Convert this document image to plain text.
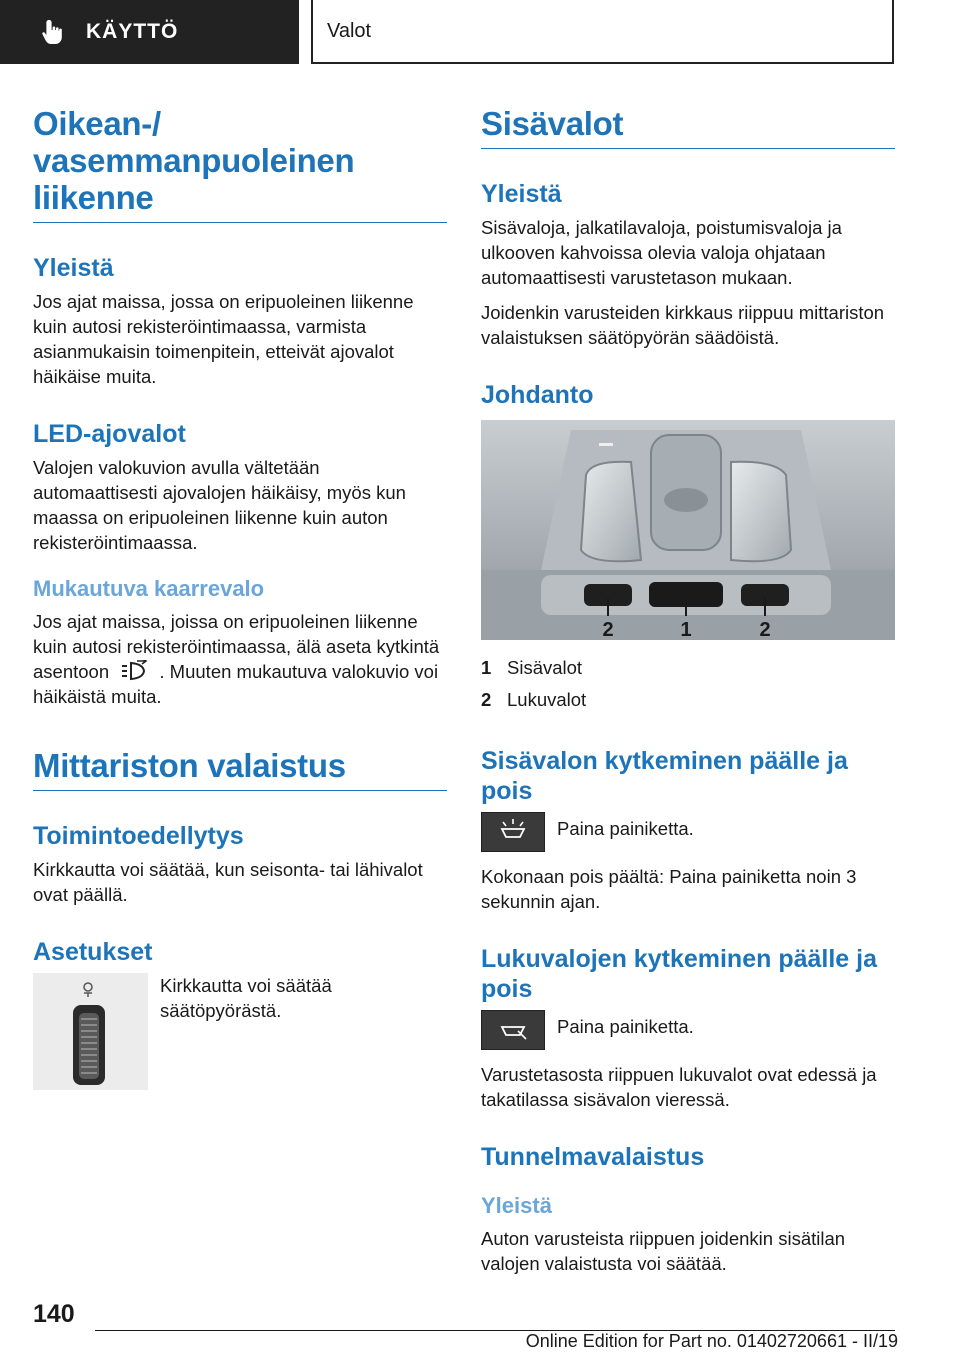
KÄYTTÖ	Valot
Oikean-/ vasemmanpuoleinen liikenne
Yleistä

Jos ajat maissa, jossa on eripuoleinen liikenne kuin autosi rekisteröintimaassa, varmista asianmukaisin toimenpitein, etteivät ajovalot häikäise muita.

LED-ajovalot

Valojen valokuvion avulla vältetään automaattisesti ajovalojen häikäisy, myös kun maassa on eripuoleinen liikenne kuin auton rekisteröintimaassa.

Mukautuva kaarrevalo

Jos ajat maissa, joissa on eripuoleinen liikenne kuin autosi rekisteröintimaassa, älä aseta kytkintä asentoon	. Muuten mukautuva valokuvio voi häikäistä muita.

Mittariston valaistus
Toimintoedellytys

Kirkkautta voi säätää, kun seisonta- tai lähivalot ovat päällä.

Asetukset

Kirkkautta voi säätää säätöpyörästä.

Sisävalot
Yleistä

Sisävaloja, jalkatilavaloja, poistumisvaloja ja ulkooven kahvoissa olevia valoja ohjataan automaattisesti varustetason mukaan.

Joidenkin varusteiden kirkkaus riippuu mittariston valaistuksen säätöpyörän säädöistä.

Johdanto
2	1	2
1 Sisävalot
2 Lukuvalot
Sisävalon kytkeminen päälle ja pois

Paina painiketta.

Kokonaan pois päältä: Paina painiketta noin 3 sekunnin ajan.

Lukuvalojen kytkeminen päälle ja pois

Paina painiketta.

Varustetasosta riippuen lukuvalot ovat edessä ja takatilassa sisävalon vieressä.

Tunnelmavalaistus
Yleistä

Auton varusteista riippuen joidenkin sisätilan valojen valaistusta voi säätää.

140
Online Edition for Part no. 01402720661 - II/19
